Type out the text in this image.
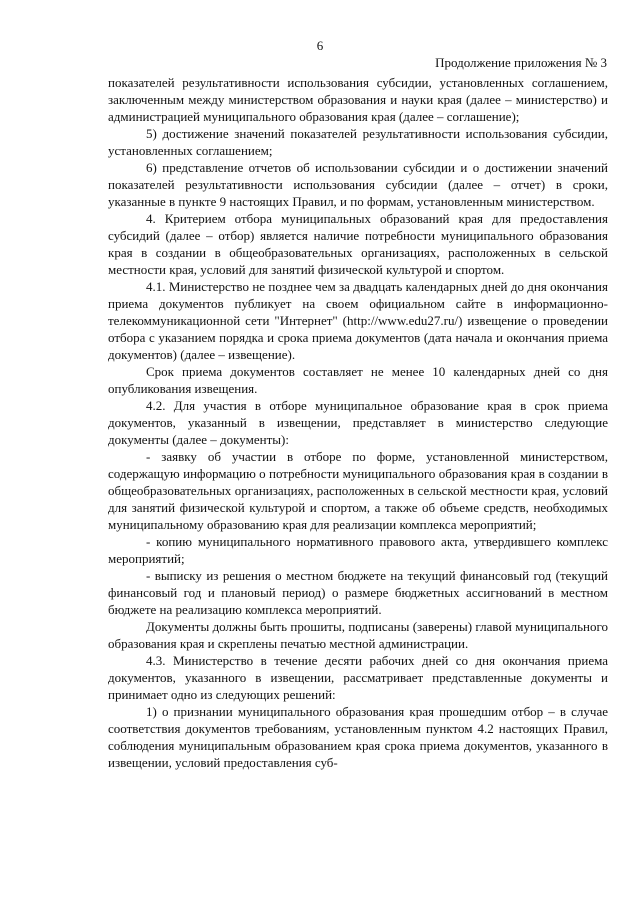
6
Продолжение приложения № 3

показателей результативности использования субсидии, установленных соглашением, заключенным между министерством образования и науки края (далее – министерство) и администрацией муниципального образования края (далее – соглашение);

5) достижение значений показателей результативности использования субсидии, установленных соглашением;

6) представление отчетов об использовании субсидии и о достижении значений показателей результативности использования субсидии (далее – отчет) в сроки, указанные в пункте 9 настоящих Правил, и по формам, установленным министерством.

4. Критерием отбора муниципальных образований края для предоставления субсидий (далее – отбор) является наличие потребности муниципального образования края в создании в общеобразовательных организациях, расположенных в сельской местности края, условий для занятий физической культурой и спортом.

4.1. Министерство не позднее чем за двадцать календарных дней до дня окончания приема документов публикует на своем официальном сайте в информационно-телекоммуникационной сети "Интернет" (http://www.edu27.ru/) извещение о проведении отбора с указанием порядка и срока приема документов (дата начала и окончания приема документов) (далее – извещение).

Срок приема документов составляет не менее 10 календарных дней со дня опубликования извещения.

4.2. Для участия в отборе муниципальное образование края в срок приема документов, указанный в извещении, представляет в министерство следующие документы (далее – документы):

- заявку об участии в отборе по форме, установленной министерством, содержащую информацию о потребности муниципального образования края в создании в общеобразовательных организациях, расположенных в сельской местности края, условий для занятий физической культурой и спортом, а также об объеме средств, необходимых муниципальному образованию края для реализации комплекса мероприятий;

- копию муниципального нормативного правового акта, утвердившего комплекс мероприятий;

- выписку из решения о местном бюджете на текущий финансовый год (текущий финансовый год и плановый период) о размере бюджетных ассигнований в местном бюджете на реализацию комплекса мероприятий.

Документы должны быть прошиты, подписаны (заверены) главой муниципального образования края и скреплены печатью местной администрации.

4.3. Министерство в течение десяти рабочих дней со дня окончания приема документов, указанного в извещении, рассматривает представленные документы и принимает одно из следующих решений:

1) о признании муниципального образования края прошедшим отбор – в случае соответствия документов требованиям, установленным пунктом 4.2 настоящих Правил, соблюдения муниципальным образованием края срока приема документов, указанного в извещении, условий предоставления суб-
